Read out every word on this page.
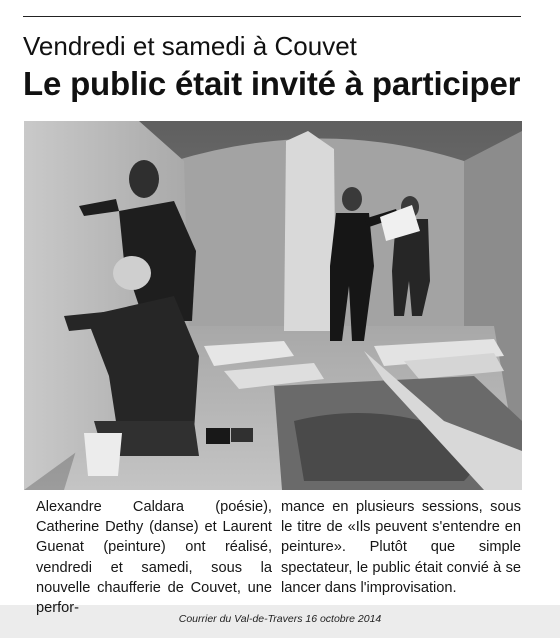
Vendredi et samedi à Couvet
Le public était invité à participer
Alexandre Caldara (poésie), Catherine Dethy (danse) et Laurent Guenat (peinture) ont réalisé, vendredi et samedi, sous la nouvelle chaufferie de Couvet, une perfor-
mance en plusieurs sessions, sous le titre de «Ils peuvent s'entendre en peinture». Plutôt que simple spectateur, le public était convié à se lancer dans l'improvisation.
Courrier du Val-de-Travers 16 octobre 2014
